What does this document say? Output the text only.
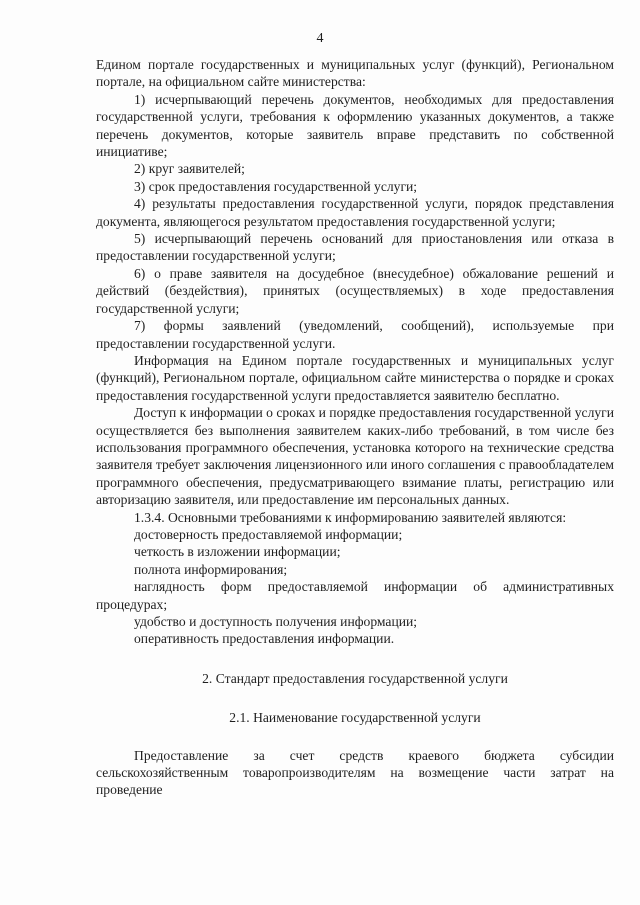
4

Едином портале государственных и муниципальных услуг (функций), Региональном портале, на официальном сайте министерства:

1) исчерпывающий перечень документов, необходимых для предоставления государственной услуги, требования к оформлению указанных документов, а также перечень документов, которые заявитель вправе представить по собственной инициативе;

2) круг заявителей;

3) срок предоставления государственной услуги;

4) результаты предоставления государственной услуги, порядок представления документа, являющегося результатом предоставления государственной услуги;

5) исчерпывающий перечень оснований для приостановления или отказа в предоставлении государственной услуги;

6) о праве заявителя на досудебное (внесудебное) обжалование решений и действий (бездействия), принятых (осуществляемых) в ходе предоставления государственной услуги;

7) формы заявлений (уведомлений, сообщений), используемые при предоставлении государственной услуги.

Информация на Едином портале государственных и муниципальных услуг (функций), Региональном портале, официальном сайте министерства о порядке и сроках предоставления государственной услуги предоставляется заявителю бесплатно.

Доступ к информации о сроках и порядке предоставления государственной услуги осуществляется без выполнения заявителем каких-либо требований, в том числе без использования программного обеспечения, установка которого на технические средства заявителя требует заключения лицензионного или иного соглашения с правообладателем программного обеспечения, предусматривающего взимание платы, регистрацию или авторизацию заявителя, или предоставление им персональных данных.

1.3.4. Основными требованиями к информированию заявителей являются:

достоверность предоставляемой информации;

четкость в изложении информации;

полнота информирования;

наглядность форм предоставляемой информации об административных процедурах;

удобство и доступность получения информации;

оперативность предоставления информации.

2. Стандарт предоставления государственной услуги
2.1. Наименование государственной услуги

Предоставление за счет средств краевого бюджета субсидии сельскохозяйственным товаропроизводителям на возмещение части затрат на проведение
